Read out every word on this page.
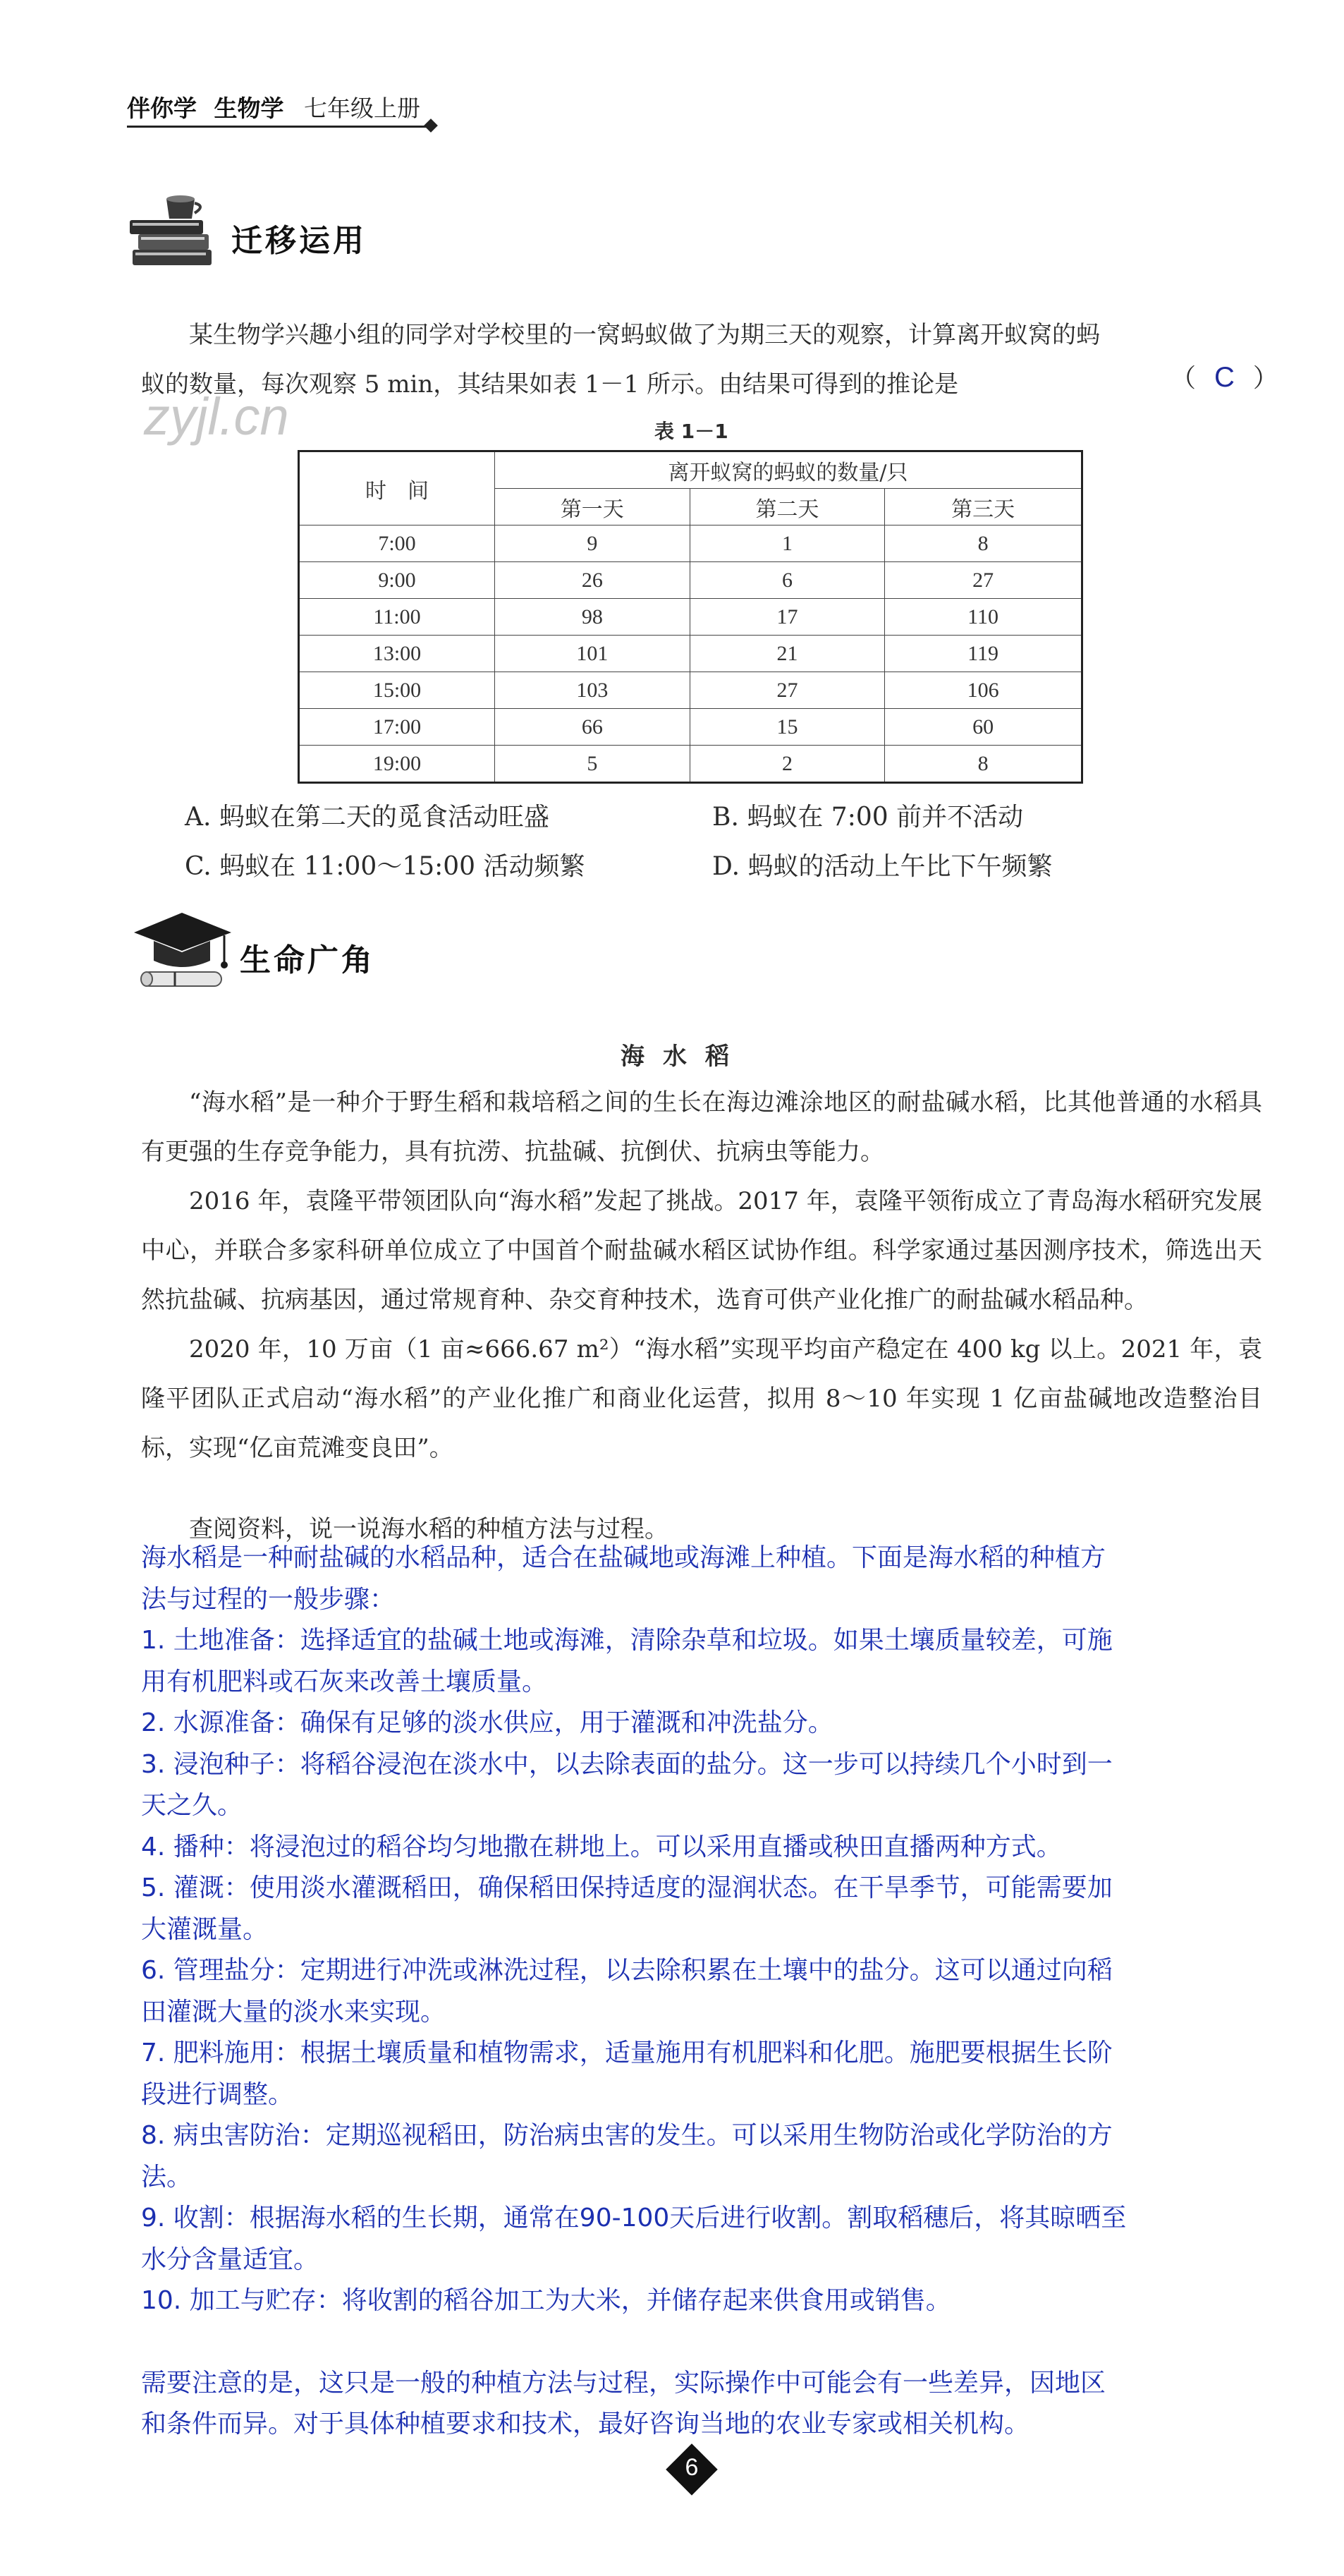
伴你学 生物学 七年级上册
迁移运用

某生物学兴趣小组的同学对学校里的一窝蚂蚁做了为期三天的观察，计算离开蚁窝的蚂

蚁的数量，每次观察 5 min，其结果如表 1－1 所示。由结果可得到的推论是	（ C ）
zyjl.cn	表 1－1
时　间	离开蚁窝的蚂蚁的数量/只		
	第一天	第二天	第三天
7:00	9	1	8
9:00	26	6	27
11:00	98	17	110
13:00	101	21	119
15:00	103	27	106
17:00	66	15	60
19:00	5	2	8
A. 蚂蚁在第二天的觅食活动旺盛	B. 蚂蚁在 7:00 前并不活动
C. 蚂蚁在 11:00～15:00 活动频繁	D. 蚂蚁的活动上午比下午频繁
生命广角
海水稻

“海水稻”是一种介于野生稻和栽培稻之间的生长在海边滩涂地区的耐盐碱水稻，比其他普通的水稻具有更强的生存竞争能力，具有抗涝、抗盐碱、抗倒伏、抗病虫等能力。

2016 年，袁隆平带领团队向“海水稻”发起了挑战。2017 年，袁隆平领衔成立了青岛海水稻研究发展中心，并联合多家科研单位成立了中国首个耐盐碱水稻区试协作组。科学家通过基因测序技术，筛选出天然抗盐碱、抗病基因，通过常规育种、杂交育种技术，选育可供产业化推广的耐盐碱水稻品种。

2020 年，10 万亩（1 亩≈666.67 m²）“海水稻”实现平均亩产稳定在 400 kg 以上。2021 年，袁隆平团队正式启动“海水稻”的产业化推广和商业化运营，拟用 8～10 年实现 1 亿亩盐碱地改造整治目标，实现“亿亩荒滩变良田”。

查阅资料，说一说海水稻的种植方法与过程。
海水稻是一种耐盐碱的水稻品种，适合在盐碱地或海滩上种植。下面是海水稻的种植方
法与过程的一般步骤：
1. 土地准备：选择适宜的盐碱土地或海滩，清除杂草和垃圾。如果土壤质量较差，可施
用有机肥料或石灰来改善土壤质量。
2. 水源准备：确保有足够的淡水供应，用于灌溉和冲洗盐分。
3. 浸泡种子：将稻谷浸泡在淡水中，以去除表面的盐分。这一步可以持续几个小时到一
天之久。
4. 播种：将浸泡过的稻谷均匀地撒在耕地上。可以采用直播或秧田直播两种方式。
5. 灌溉：使用淡水灌溉稻田，确保稻田保持适度的湿润状态。在干旱季节，可能需要加
大灌溉量。
6. 管理盐分：定期进行冲洗或淋洗过程，以去除积累在土壤中的盐分。这可以通过向稻
田灌溉大量的淡水来实现。
7. 肥料施用：根据土壤质量和植物需求，适量施用有机肥料和化肥。施肥要根据生长阶
段进行调整。
8. 病虫害防治：定期巡视稻田，防治病虫害的发生。可以采用生物防治或化学防治的方
法。
9. 收割：根据海水稻的生长期，通常在90-100天后进行收割。割取稻穗后，将其晾晒至
水分含量适宜。
10. 加工与贮存：将收割的稻谷加工为大米，并储存起来供食用或销售。
需要注意的是，这只是一般的种植方法与过程，实际操作中可能会有一些差异，因地区
和条件而异。对于具体种植要求和技术，最好咨询当地的农业专家或相关机构。
6
